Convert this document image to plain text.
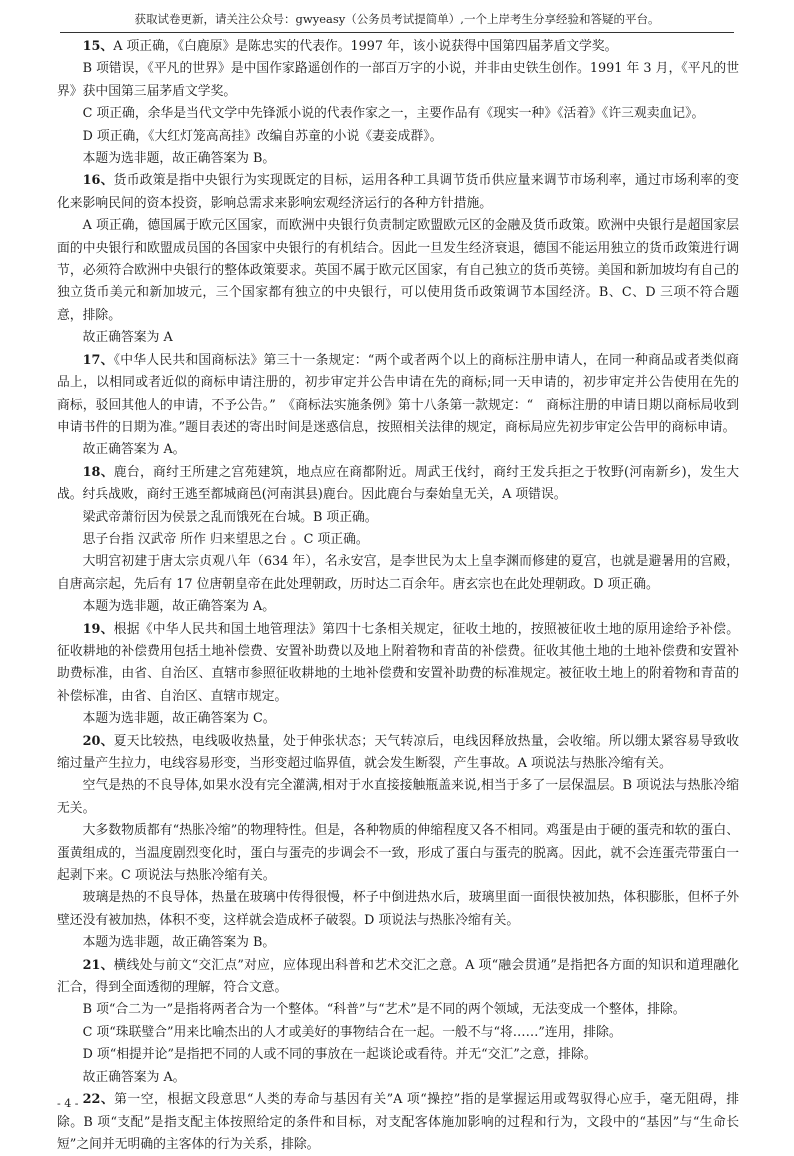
获取试卷更新，请关注公众号：gwyeasy（公务员考试提简单）,一个上岸考生分享经验和答疑的平台。

15、A 项正确，《白鹿原》是陈忠实的代表作。1997 年，该小说获得中国第四届茅盾文学奖。

B 项错误，《平凡的世界》是中国作家路遥创作的一部百万字的小说，并非由史铁生创作。1991 年 3 月，《平凡的世界》获中国第三届茅盾文学奖。

C 项正确，余华是当代文学中先锋派小说的代表作家之一，主要作品有《现实一种》《活着》《许三观卖血记》。

D 项正确，《大红灯笼高高挂》改编自苏童的小说《妻妾成群》。

本题为选非题，故正确答案为 B。

16、货币政策是指中央银行为实现既定的目标，运用各种工具调节货币供应量来调节市场利率，通过市场利率的变化来影响民间的资本投资，影响总需求来影响宏观经济运行的各种方针措施。

A 项正确，德国属于欧元区国家，而欧洲中央银行负责制定欧盟欧元区的金融及货币政策。欧洲中央银行是超国家层面的中央银行和欧盟成员国的各国家中央银行的有机结合。因此一旦发生经济衰退，德国不能运用独立的货币政策进行调节，必须符合欧洲中央银行的整体政策要求。英国不属于欧元区国家，有自己独立的货币英镑。美国和新加坡均有自己的独立货币美元和新加坡元，三个国家都有独立的中央银行，可以使用货币政策调节本国经济。B、C、D 三项不符合题意，排除。

故正确答案为 A

17、《中华人民共和国商标法》第三十一条规定：“两个或者两个以上的商标注册申请人，在同一种商品或者类似商品上，以相同或者近似的商标申请注册的，初步审定并公告申请在先的商标;同一天申请的，初步审定并公告使用在先的商标，驳回其他人的申请，不予公告。”　《商标法实施条例》第十八条第一款规定：“　商标注册的申请日期以商标局收到申请书件的日期为准。”题目表述的寄出时间是迷惑信息，按照相关法律的规定，商标局应先初步审定公告甲的商标申请。

故正确答案为 A。

18、鹿台，商纣王所建之宫苑建筑，地点应在商都附近。周武王伐纣，商纣王发兵拒之于牧野(河南新乡)，发生大战。纣兵战败，商纣王逃至都城商邑(河南淇县)鹿台。因此鹿台与秦始皇无关，A 项错误。

梁武帝萧衍因为侯景之乱而饿死在台城。B 项正确。

思子台指 汉武帝 所作 归来望思之台 。C 项正确。

大明宫初建于唐太宗贞观八年（634 年），名永安宫，是李世民为太上皇李渊而修建的夏宫，也就是避暑用的宫殿，自唐高宗起，先后有 17 位唐朝皇帝在此处理朝政，历时达二百余年。唐玄宗也在此处理朝政。D 项正确。

本题为选非题，故正确答案为 A。

19、根据《中华人民共和国土地管理法》第四十七条相关规定，征收土地的，按照被征收土地的原用途给予补偿。征收耕地的补偿费用包括土地补偿费、安置补助费以及地上附着物和青苗的补偿费。征收其他土地的土地补偿费和安置补助费标准，由省、自治区、直辖市参照征收耕地的土地补偿费和安置补助费的标准规定。被征收土地上的附着物和青苗的补偿标准，由省、自治区、直辖市规定。

本题为选非题，故正确答案为 C。

20、夏天比较热，电线吸收热量，处于伸张状态；天气转凉后，电线因释放热量，会收缩。所以绷太紧容易导致收缩过量产生拉力，电线容易形变，当形变超过临界值，就会发生断裂，产生事故。A 项说法与热胀冷缩有关。

空气是热的不良导体,如果水没有完全灌满,相对于水直接接触瓶盖来说,相当于多了一层保温层。B 项说法与热胀冷缩无关。

大多数物质都有“热胀冷缩”的物理特性。但是，各种物质的伸缩程度又各不相同。鸡蛋是由于硬的蛋壳和软的蛋白、蛋黄组成的，当温度剧烈变化时，蛋白与蛋壳的步调会不一致，形成了蛋白与蛋壳的脱离。因此，就不会连蛋壳带蛋白一起剥下来。C 项说法与热胀冷缩有关。

玻璃是热的不良导体，热量在玻璃中传得很慢，杯子中倒进热水后，玻璃里面一面很快被加热，体积膨胀，但杯子外壁还没有被加热，体积不变，这样就会造成杯子破裂。D 项说法与热胀冷缩有关。

本题为选非题，故正确答案为 B。

21、横线处与前文“交汇点”对应，应体现出科普和艺术交汇之意。A 项“融会贯通”是指把各方面的知识和道理融化汇合，得到全面透彻的理解，符合文意。

B 项“合二为一”是指将两者合为一个整体。“科普”与“艺术”是不同的两个领域，无法变成一个整体，排除。

C 项“珠联璧合”用来比喻杰出的人才或美好的事物结合在一起。一般不与“将……”连用，排除。

D 项“相提并论”是指把不同的人或不同的事放在一起谈论或看待。并无“交汇”之意，排除。

故正确答案为 A。

22、第一空，根据文段意思“人类的寿命与基因有关”A 项“操控”指的是掌握运用或驾驭得心应手，毫无阻碍，排除。B 项“支配”是指支配主体按照给定的条件和目标，对支配客体施加影响的过程和行为，文段中的“基因”与“生命长短”之间并无明确的主客体的行为关系，排除。

- 4 -
